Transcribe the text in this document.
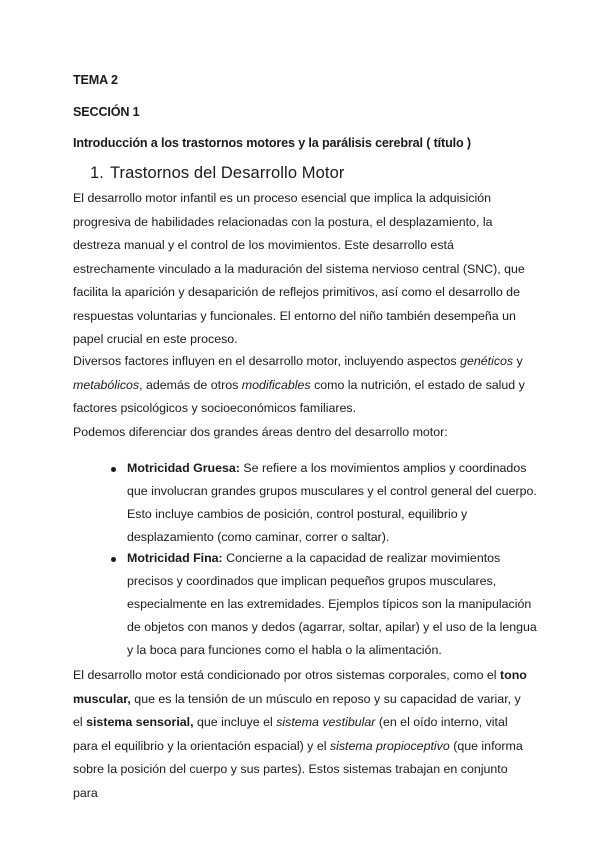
TEMA 2
SECCIÓN 1
Introducción a los trastornos motores y la parálisis cerebral ( título )
1. Trastornos del Desarrollo Motor
El desarrollo motor infantil es un proceso esencial que implica la adquisición progresiva de habilidades relacionadas con la postura, el desplazamiento, la destreza manual y el control de los movimientos. Este desarrollo está estrechamente vinculado a la maduración del sistema nervioso central (SNC), que facilita la aparición y desaparición de reflejos primitivos, así como el desarrollo de respuestas voluntarias y funcionales. El entorno del niño también desempeña un papel crucial en este proceso.
Diversos factores influyen en el desarrollo motor, incluyendo aspectos genéticos y metabólicos, además de otros modificables como la nutrición, el estado de salud y factores psicológicos y socioeconómicos familiares.
Podemos diferenciar dos grandes áreas dentro del desarrollo motor:
Motricidad Gruesa: Se refiere a los movimientos amplios y coordinados que involucran grandes grupos musculares y el control general del cuerpo. Esto incluye cambios de posición, control postural, equilibrio y desplazamiento (como caminar, correr o saltar).
Motricidad Fina: Concierne a la capacidad de realizar movimientos precisos y coordinados que implican pequeños grupos musculares, especialmente en las extremidades. Ejemplos típicos son la manipulación de objetos con manos y dedos (agarrar, soltar, apilar) y el uso de la lengua y la boca para funciones como el habla o la alimentación.
El desarrollo motor está condicionado por otros sistemas corporales, como el tono muscular, que es la tensión de un músculo en reposo y su capacidad de variar, y el sistema sensorial, que incluye el sistema vestibular (en el oído interno, vital para el equilibrio y la orientación espacial) y el sistema propioceptivo (que informa sobre la posición del cuerpo y sus partes). Estos sistemas trabajan en conjunto para
